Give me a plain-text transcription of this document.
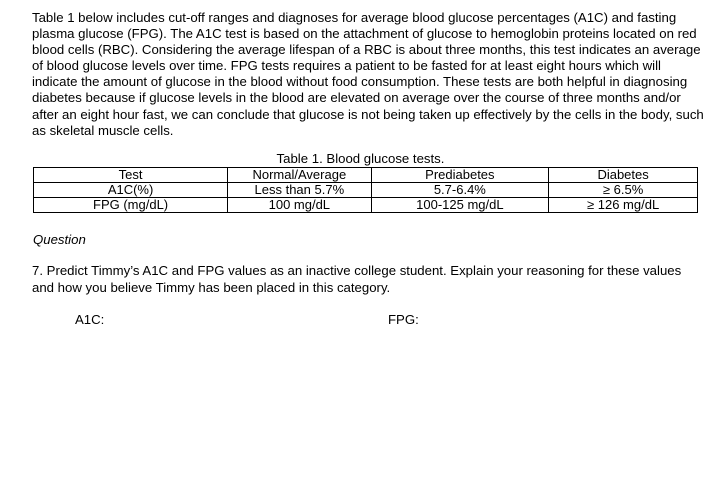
Table 1 below includes cut-off ranges and diagnoses for average blood glucose percentages (A1C) and fasting plasma glucose (FPG). The A1C test is based on the attachment of glucose to hemoglobin proteins located on red blood cells (RBC). Considering the average lifespan of a RBC is about three months, this test indicates an average of blood glucose levels over time. FPG tests requires a patient to be fasted for at least eight hours which will indicate the amount of glucose in the blood without food consumption. These tests are both helpful in diagnosing diabetes because if glucose levels in the blood are elevated on average over the course of three months and/or after an eight hour fast, we can conclude that glucose is not being taken up effectively by the cells in the body, such as skeletal muscle cells.

Table 1. Blood glucose tests.
Test	Normal/Average	Prediabetes	Diabetes
A1C(%)	Less than 5.7%	5.7-6.4%	≥ 6.5%
FPG (mg/dL)	100 mg/dL	100-125 mg/dL	≥ 126 mg/dL
Question

7. Predict Timmy’s A1C and FPG values as an inactive college student. Explain your reasoning for these values and how you believe Timmy has been placed in this category.

A1C:	FPG:
